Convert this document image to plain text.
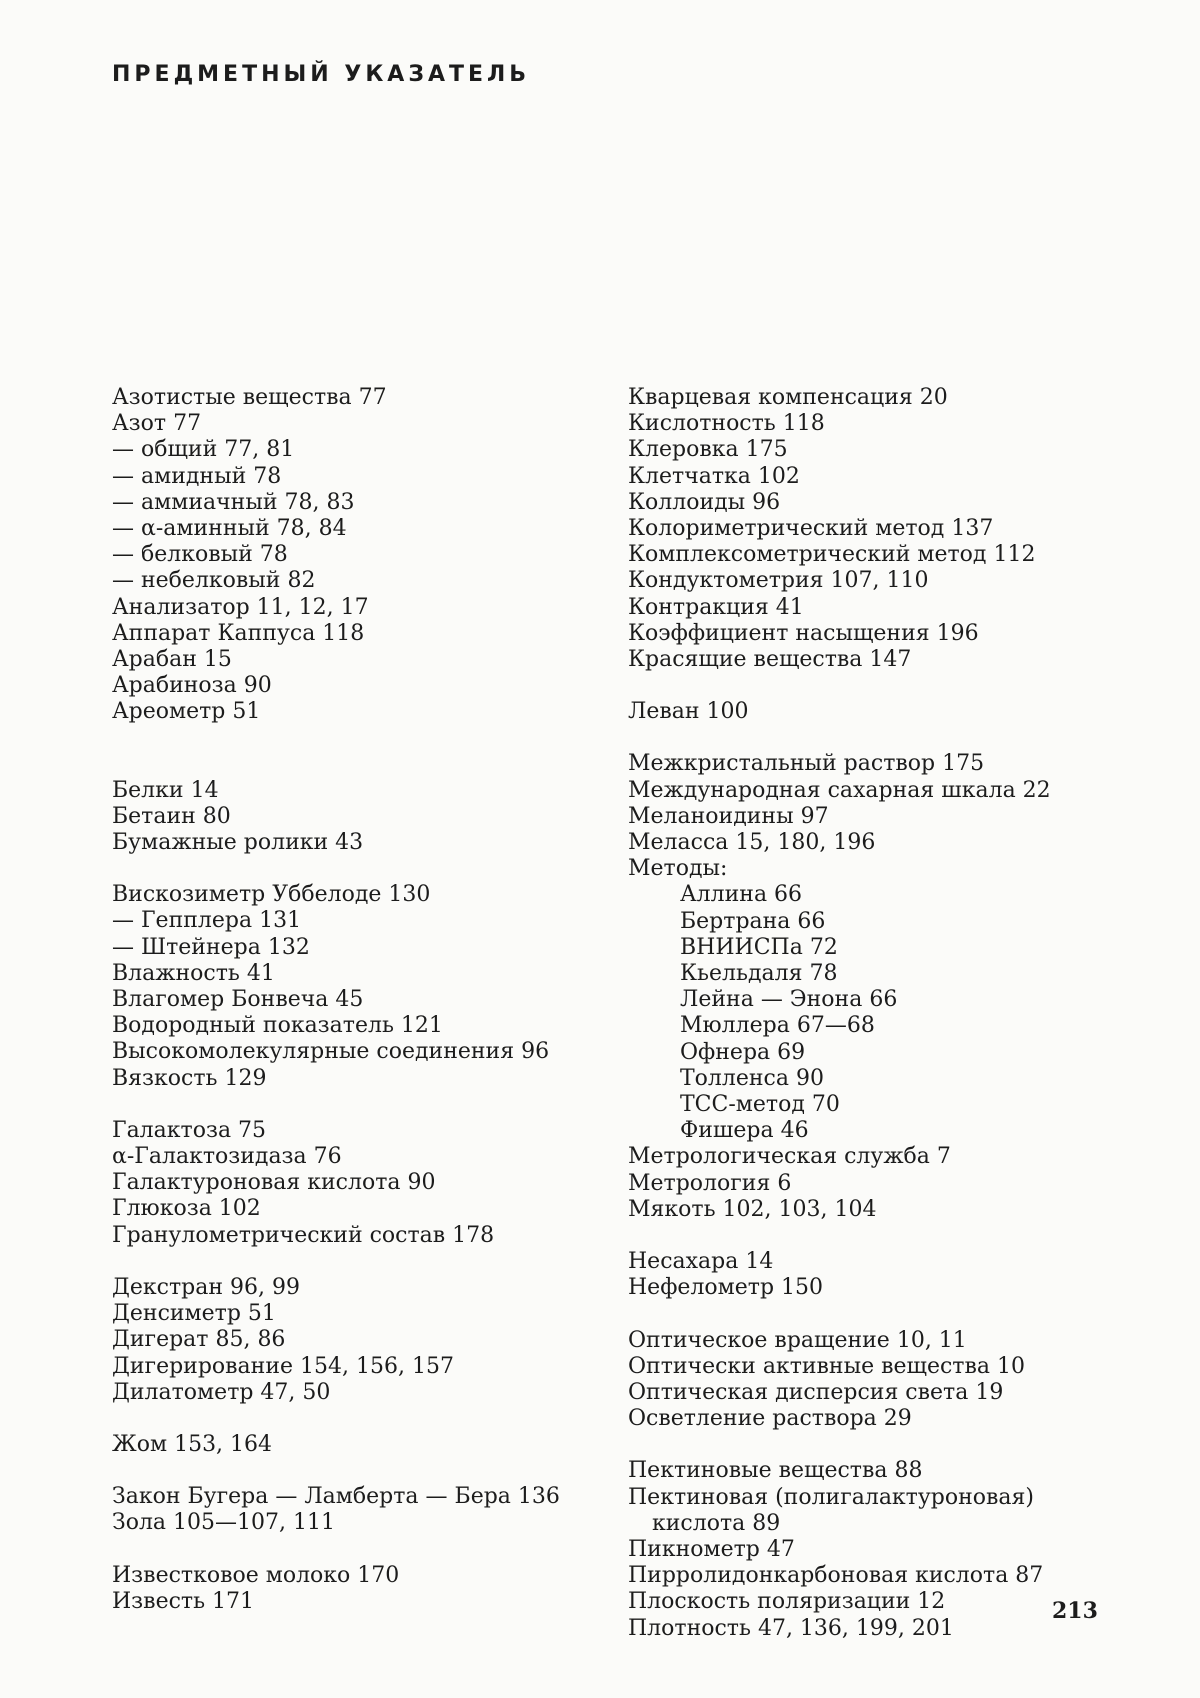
ПРЕДМЕТНЫЙ УКАЗАТЕЛЬ
Азотистые вещества 77
Азот 77
— общий 77, 81
— амидный 78
— аммиачный 78, 83
— α-аминный 78, 84
— белковый 78
— небелковый 82
Анализатор 11, 12, 17
Аппарат Каппуса 118
Арабан 15
Арабиноза 90
Ареометр 51
Белки 14
Бетаин 80
Бумажные ролики 43
Вискозиметр Уббелоде 130
— Гепплера 131
— Штейнера 132
Влажность 41
Влагомер Бонвеча 45
Водородный показатель 121
Высокомолекулярные соединения 96
Вязкость 129
Галактоза 75
α-Галактозидаза 76
Галактуроновая кислота 90
Глюкоза 102
Гранулометрический состав 178
Декстран 96, 99
Денсиметр 51
Дигерат 85, 86
Дигерирование 154, 156, 157
Дилатометр 47, 50
Жом 153, 164
Закон Бугера — Ламберта — Бера 136
Зола 105—107, 111
Известковое молоко 170
Известь 171
Кварцевая компенсация 20
Кислотность 118
Клеровка 175
Клетчатка 102
Коллоиды 96
Колориметрический метод 137
Комплексометрический метод 112
Кондуктометрия 107, 110
Контракция 41
Коэффициент насыщения 196
Красящие вещества 147
Леван 100
Межкристальный раствор 175
Международная сахарная шкала 22
Меланоидины 97
Меласса 15, 180, 196
Методы:
Аллина 66
Бертрана 66
ВНИИСПа 72
Кьельдаля 78
Лейна — Энона 66
Мюллера 67—68
Офнера 69
Толленса 90
ТСС-метод 70
Фишера 46
Метрологическая служба 7
Метрология 6
Мякоть 102, 103, 104
Несахара 14
Нефелометр 150
Оптическое вращение 10, 11
Оптически активные вещества 10
Оптическая дисперсия света 19
Осветление раствора 29
Пектиновые вещества 88
Пектиновая (полигалактуроновая)
кислота 89
Пикнометр 47
Пирролидонкарбоновая кислота 87
Плоскость поляризации 12
Плотность 47, 136, 199, 201
213
